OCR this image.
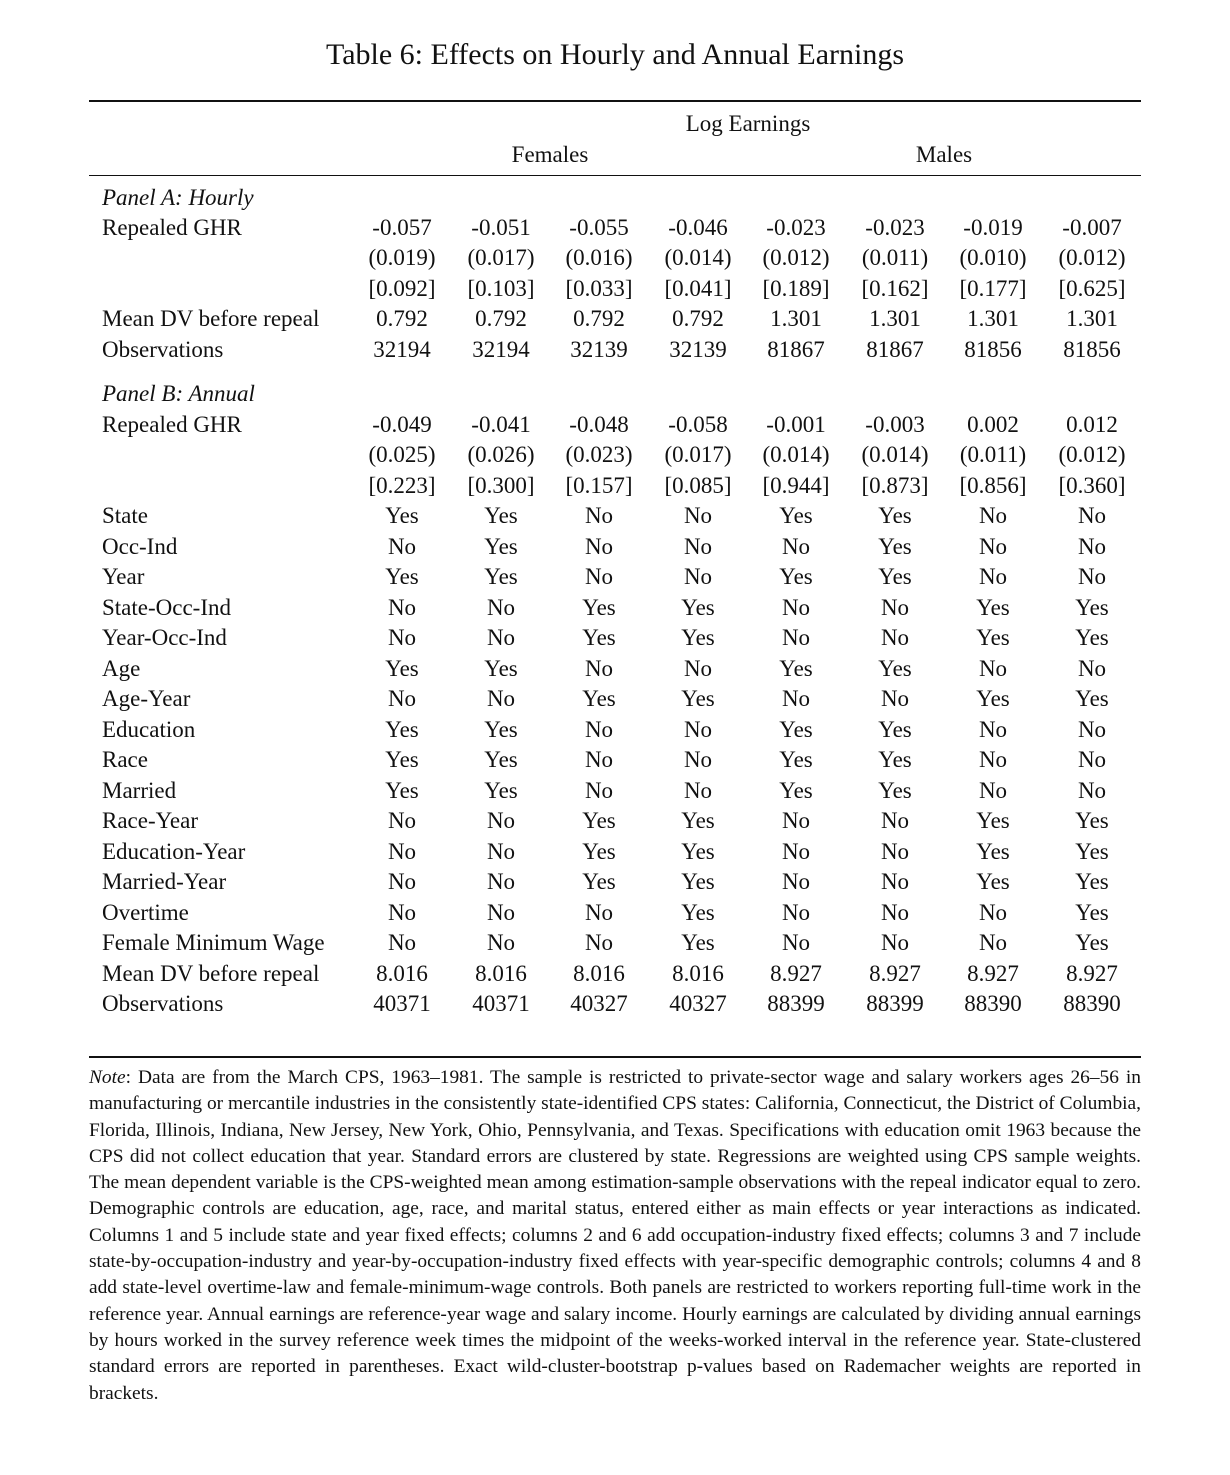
Table 6: Effects on Hourly and Annual Earnings
Log Earnings
Females	Males
Panel A: Hourly
Repealed GHR	-0.057	-0.051	-0.055	-0.046	-0.023	-0.023	-0.019	-0.007
(0.019)	(0.017)	(0.016)	(0.014)	(0.012)	(0.011)	(0.010)	(0.012)
[0.092]	[0.103]	[0.033]	[0.041]	[0.189]	[0.162]	[0.177]	[0.625]
Mean DV before repeal	0.792	0.792	0.792	0.792	1.301	1.301	1.301	1.301
Observations	32194	32194	32139	32139	81867	81867	81856	81856
Panel B: Annual
Repealed GHR	-0.049	-0.041	-0.048	-0.058	-0.001	-0.003	0.002	0.012
(0.025)	(0.026)	(0.023)	(0.017)	(0.014)	(0.014)	(0.011)	(0.012)
[0.223]	[0.300]	[0.157]	[0.085]	[0.944]	[0.873]	[0.856]	[0.360]
State	Yes	Yes	No	No	Yes	Yes	No	No
Occ-Ind	No	Yes	No	No	No	Yes	No	No
Year	Yes	Yes	No	No	Yes	Yes	No	No
State-Occ-Ind	No	No	Yes	Yes	No	No	Yes	Yes
Year-Occ-Ind	No	No	Yes	Yes	No	No	Yes	Yes
Age	Yes	Yes	No	No	Yes	Yes	No	No
Age-Year	No	No	Yes	Yes	No	No	Yes	Yes
Education	Yes	Yes	No	No	Yes	Yes	No	No
Race	Yes	Yes	No	No	Yes	Yes	No	No
Married	Yes	Yes	No	No	Yes	Yes	No	No
Race-Year	No	No	Yes	Yes	No	No	Yes	Yes
Education-Year	No	No	Yes	Yes	No	No	Yes	Yes
Married-Year	No	No	Yes	Yes	No	No	Yes	Yes
Overtime	No	No	No	Yes	No	No	No	Yes
Female Minimum Wage	No	No	No	Yes	No	No	No	Yes
Mean DV before repeal	8.016	8.016	8.016	8.016	8.927	8.927	8.927	8.927
Observations	40371	40371	40327	40327	88399	88399	88390	88390
Note: Data are from the March CPS, 1963–1981. The sample is restricted to private-sector wage and salary workers ages 26–56 in manufacturing or mercantile industries in the consistently state-identified CPS states: California, Connecticut, the District of Columbia, Florida, Illinois, Indiana, New Jersey, New York, Ohio, Pennsylvania, and Texas. Specifications with education omit 1963 because the CPS did not collect education that year. Standard errors are clustered by state. Regressions are weighted using CPS sample weights. The mean dependent variable is the CPS-weighted mean among estimation-sample observations with the repeal indicator equal to zero. Demographic controls are education, age, race, and marital status, entered either as main effects or year interactions as indicated. Columns 1 and 5 include state and year fixed effects; columns 2 and 6 add occupation-industry fixed effects; columns 3 and 7 include state-by-occupation-industry and year-by-occupation-industry fixed effects with year-specific demographic controls; columns 4 and 8 add state-level overtime-law and female-minimum-wage controls. Both panels are restricted to workers reporting full-time work in the reference year. Annual earnings are reference-year wage and salary income. Hourly earnings are calculated by dividing annual earnings by hours worked in the survey reference week times the midpoint of the weeks-worked interval in the reference year. State-clustered standard errors are reported in parentheses. Exact wild-cluster-bootstrap p-values based on Rademacher weights are reported in brackets.
